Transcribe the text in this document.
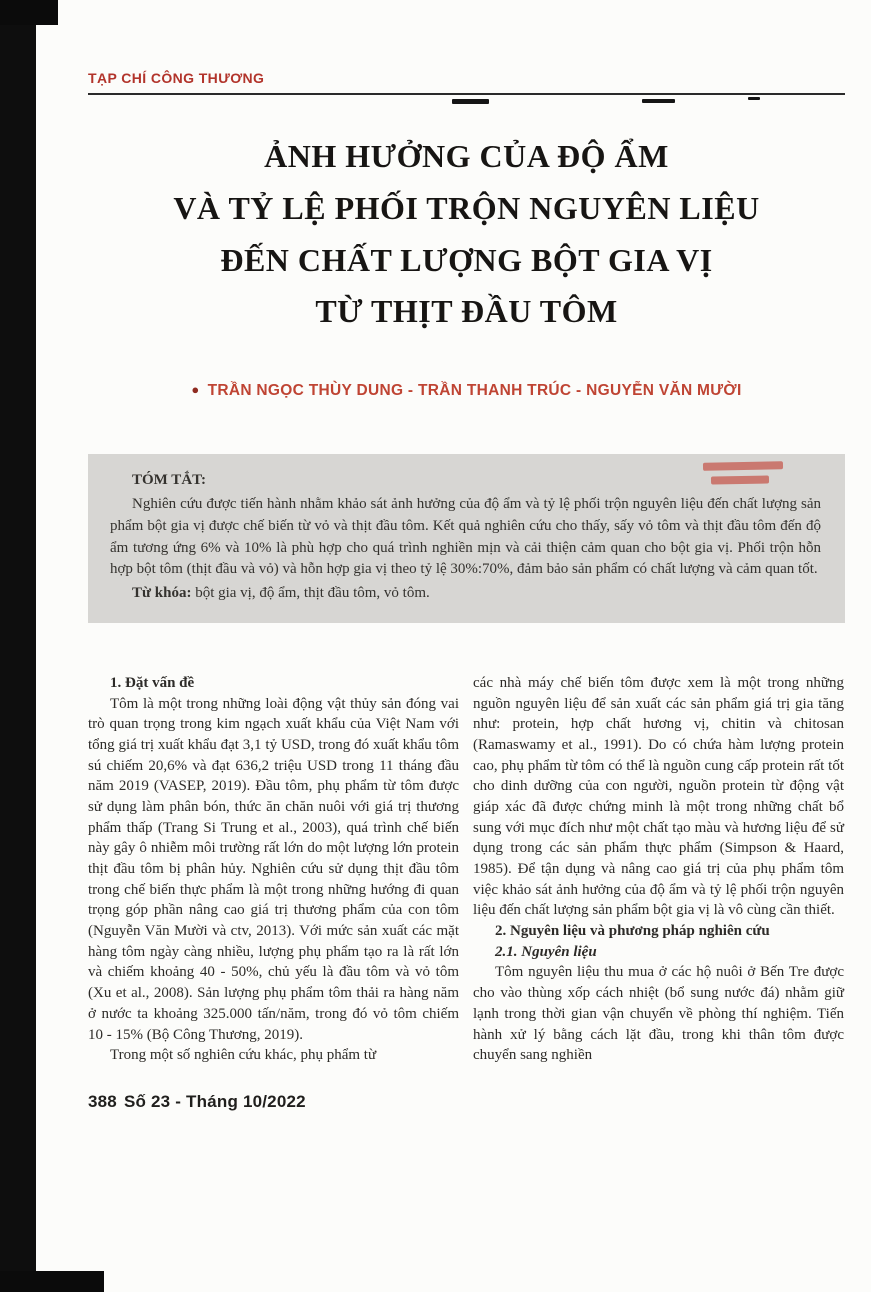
TẠP CHÍ CÔNG THƯƠNG
ẢNH HƯỞNG CỦA ĐỘ ẨM
VÀ TỶ LỆ PHỐI TRỘN NGUYÊN LIỆU
ĐẾN CHẤT LƯỢNG BỘT GIA VỊ
TỪ THỊT ĐẦU TÔM
● TRẦN NGỌC THÙY DUNG - TRẦN THANH TRÚC - NGUYỄN VĂN MƯỜI

TÓM TẮT:

Nghiên cứu được tiến hành nhằm khảo sát ảnh hưởng của độ ẩm và tỷ lệ phối trộn nguyên liệu đến chất lượng sản phẩm bột gia vị được chế biến từ vỏ và thịt đầu tôm. Kết quả nghiên cứu cho thấy, sấy vỏ tôm và thịt đầu tôm đến độ ẩm tương ứng 6% và 10% là phù hợp cho quá trình nghiền mịn và cải thiện cảm quan cho bột gia vị. Phối trộn hỗn hợp bột tôm (thịt đầu và vỏ) và hỗn hợp gia vị theo tỷ lệ 30%:70%, đảm bảo sản phẩm có chất lượng và cảm quan tốt.

Từ khóa: bột gia vị, độ ẩm, thịt đầu tôm, vỏ tôm.

1. Đặt vấn đề

Tôm là một trong những loài động vật thủy sản đóng vai trò quan trọng trong kim ngạch xuất khẩu của Việt Nam với tổng giá trị xuất khẩu đạt 3,1 tỷ USD, trong đó xuất khẩu tôm sú chiếm 20,6% và đạt 636,2 triệu USD trong 11 tháng đầu năm 2019 (VASEP, 2019). Đầu tôm, phụ phẩm từ tôm được sử dụng làm phân bón, thức ăn chăn nuôi với giá trị thương phẩm thấp (Trang Si Trung et al., 2003), quá trình chế biến này gây ô nhiễm môi trường rất lớn do một lượng lớn protein thịt đầu tôm bị phân hủy. Nghiên cứu sử dụng thịt đầu tôm trong chế biến thực phẩm là một trong những hướng đi quan trọng góp phần nâng cao giá trị thương phẩm của con tôm (Nguyễn Văn Mười và ctv, 2013). Với mức sản xuất các mặt hàng tôm ngày càng nhiều, lượng phụ phẩm tạo ra là rất lớn và chiếm khoảng 40 - 50%, chủ yếu là đầu tôm và vỏ tôm (Xu et al., 2008). Sản lượng phụ phẩm tôm thải ra hàng năm ở nước ta khoảng 325.000 tấn/năm, trong đó vỏ tôm chiếm 10 - 15% (Bộ Công Thương, 2019).

Trong một số nghiên cứu khác, phụ phẩm từ

các nhà máy chế biến tôm được xem là một trong những nguồn nguyên liệu để sản xuất các sản phẩm giá trị gia tăng như: protein, hợp chất hương vị, chitin và chitosan (Ramaswamy et al., 1991). Do có chứa hàm lượng protein cao, phụ phẩm từ tôm có thể là nguồn cung cấp protein rất tốt cho dinh dưỡng của con người, nguồn protein từ động vật giáp xác đã được chứng minh là một trong những chất bổ sung với mục đích như một chất tạo màu và hương liệu để sử dụng trong các sản phẩm thực phẩm (Simpson & Haard, 1985). Để tận dụng và nâng cao giá trị của phụ phẩm tôm việc khảo sát ảnh hưởng của độ ẩm và tỷ lệ phối trộn nguyên liệu đến chất lượng sản phẩm bột gia vị là vô cùng cần thiết.

2. Nguyên liệu và phương pháp nghiên cứu

2.1. Nguyên liệu

Tôm nguyên liệu thu mua ở các hộ nuôi ở Bến Tre được cho vào thùng xốp cách nhiệt (bổ sung nước đá) nhằm giữ lạnh trong thời gian vận chuyển về phòng thí nghiệm. Tiến hành xử lý bằng cách lặt đầu, trong khi thân tôm được chuyển sang nghiền

388 Số 23 - Tháng 10/2022
